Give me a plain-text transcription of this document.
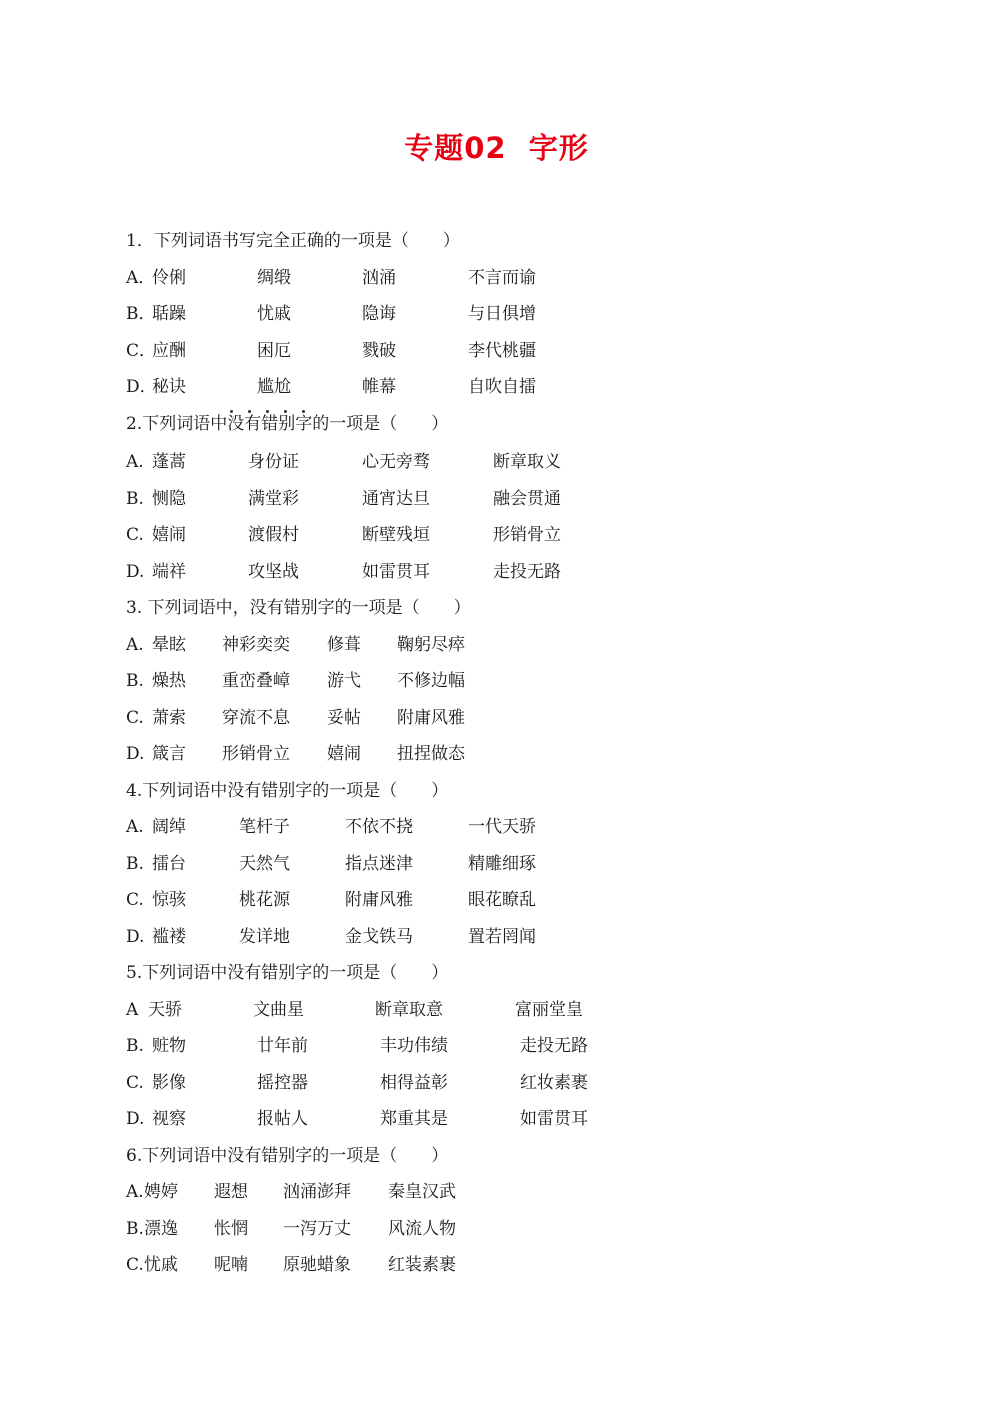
专题02  字形
1．下列词语书写完全正确的一项是（　　）
A．
伶俐	绸缎	汹涌	不言而谕
B．
聒躁	忧戚	隐诲	与日俱增
C．
应酬	困厄	戮破	李代桃疆
D．
秘诀	尴尬	帷幕	自吹自擂
2.下列词语中没有错别字的一项是（　　）
A. 蓬蒿	身份证	心无旁骛	断章取义
B. 恻隐	满堂彩	通宵达旦	融会贯通
C. 嬉闹	渡假村	断壁残垣	形销骨立
D. 端祥	攻坚战	如雷贯耳	走投无路
3. 下列词语中，没有错别字的一项是（　　）
A. 晕眩 神彩奕奕 修葺 鞠躬尽瘁
B. 燥热 重峦叠嶂 游弋 不修边幅
C. 萧索 穿流不息 妥帖 附庸风雅
D. 箴言 形销骨立 嬉闹 扭捏做态
4.下列词语中没有错别字的一项是（　　）
A. 阔绰	笔杆子	不依不挠	一代天骄
B. 擂台	天然气	指点迷津	精雕细琢
C. 惊骇	桃花源	附庸风雅	眼花瞭乱
D. 褴褛	发详地	金戈铁马	置若罔闻
5.下列词语中没有错别字的一项是（　　）
A 天骄	文曲星	断章取意	富丽堂皇
B. 赃物	廿年前	丰功伟绩	走投无路
C. 影像	摇控器	相得益彰	红妆素裹
D. 视察	报帖人	郑重其是	如雷贯耳
6.下列词语中没有错别字的一项是（　　）
A. 娉婷 遐想 汹涌澎拜 秦皇汉武
B. 漂逸 怅惘 一泻万丈 风流人物
C. 忧戚 呢喃 原驰蜡象 红装素裹
